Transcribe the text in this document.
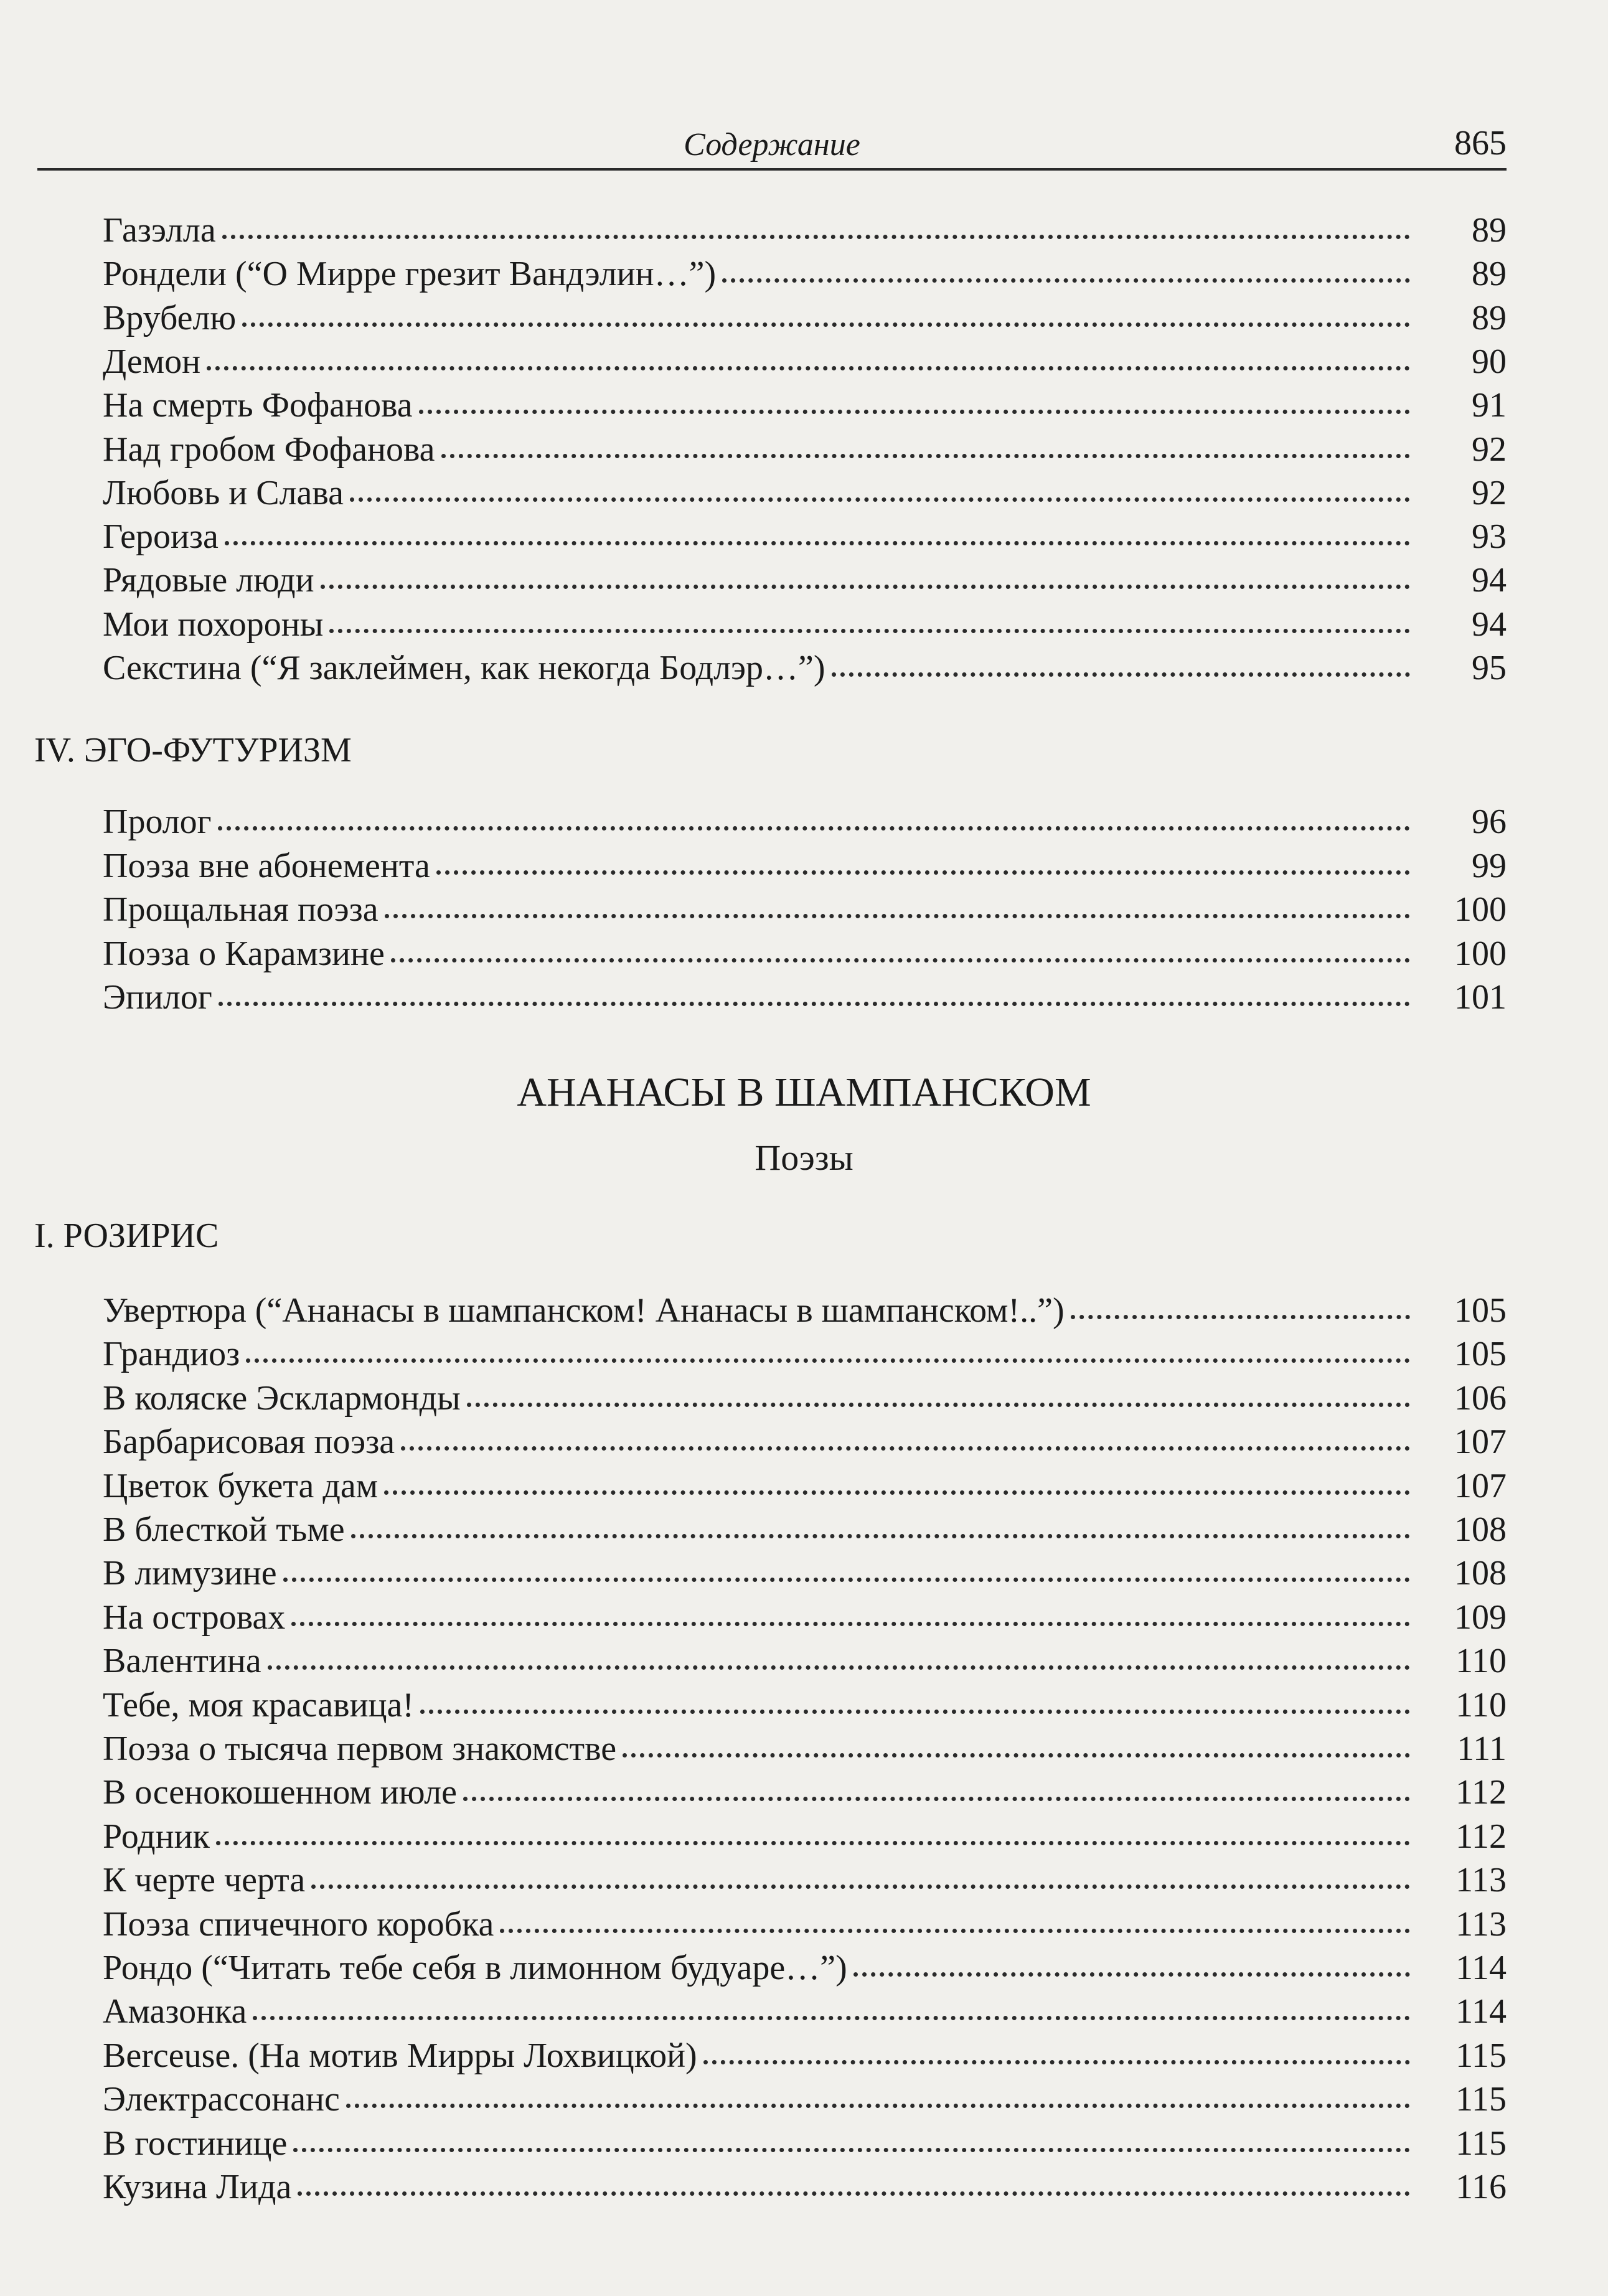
Содержание	865
Газэлла	89
Рондели (“О Мирре грезит Вандэлин…”)	89
Врубелю	89
Демон	90
На смерть Фофанова	91
Над гробом Фофанова	92
Любовь и Слава	92
Героиза	93
Рядовые люди	94
Мои похороны	94
Секстина (“Я заклеймен, как некогда Бодлэр…”)	95
IV. ЭГО-ФУТУРИЗМ
Пролог	96
Поэза вне абонемента	99
Прощальная поэза	100
Поэза о Карамзине	100
Эпилог	101
АНАНАСЫ В ШАМПАНСКОМ
Поэзы
I. РОЗИРИС
Увертюра (“Ананасы в шампанском! Ананасы в шампанском!..”)	105
Грандиоз	105
В коляске Эсклармонды	106
Барбарисовая поэза	107
Цветок букета дам	107
В блесткой тьме	108
В лимузине	108
На островах	109
Валентина	110
Тебе, моя красавица!	110
Поэза о тысяча первом знакомстве	111
В осенокошенном июле	112
Родник	112
К черте черта	113
Поэза спичечного коробка	113
Рондо (“Читать тебе себя в лимонном будуаре…”)	114
Амазонка	114
Berceuse. (На мотив Мирры Лохвицкой)	115
Электрассонанс	115
В гостинице	115
Кузина Лида	116
